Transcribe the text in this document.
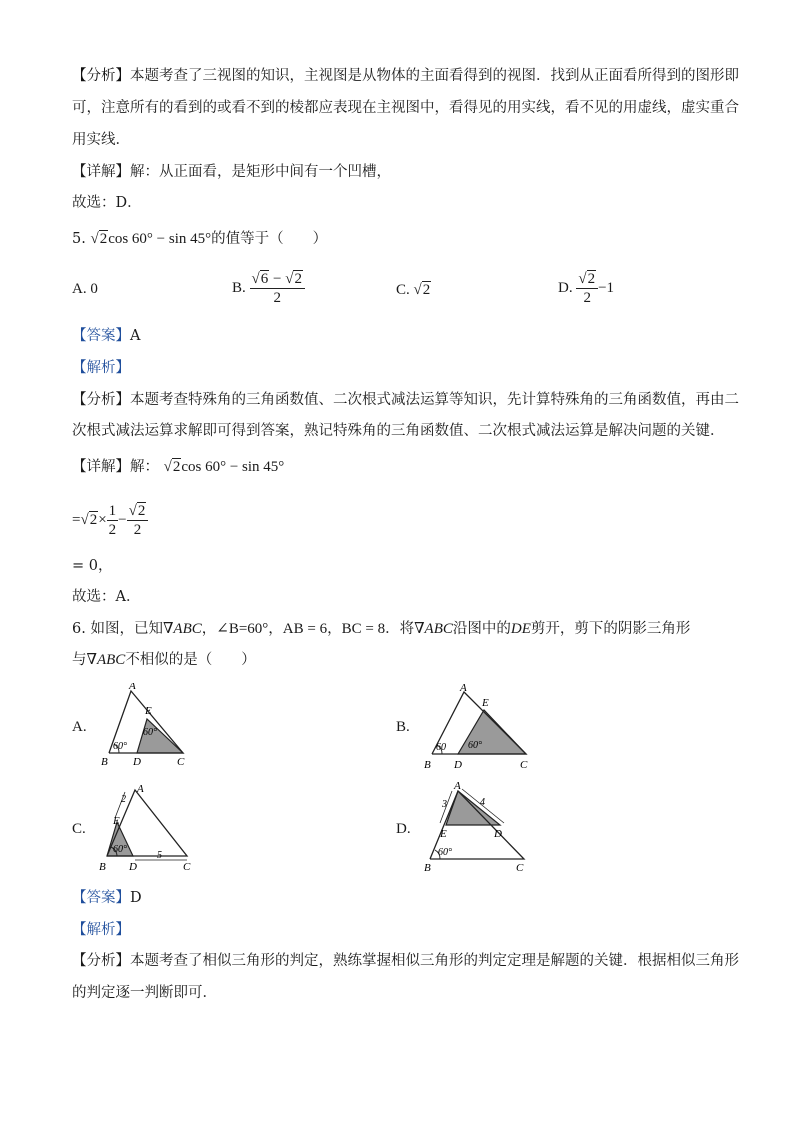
【分析】本题考查了三视图的知识，主视图是从物体的主面看得到的视图．找到从正面看所得到的图形即
可，注意所有的看到的或看不到的棱都应表现在主视图中，看得见的用实线，看不见的用虚线，虚实重合
用实线．
【详解】解：从正面看，是矩形中间有一个凹槽，
故选：D．
5. √2cos 60° − sin 45°的值等于（　　）
A. 0	B. $\frac{√6 - √2}{2}$	C. √2	D. $\frac{√2}{2} -1$
【答案】A
【解析】
【分析】本题考查特殊角的三角函数值、二次根式减法运算等知识，先计算特殊角的三角函数值，再由二
次根式减法运算求解即可得到答案，熟记特殊角的三角函数值、二次根式减法运算是解决问题的关键．
【详解】解： √2cos 60° − sin 45°
$=√2\times \frac{1}{2} - \frac{√2}{2}$
= 0，
故选：A．
6. 如图，已知∇ABC，∠B=60°，AB = 6，BC = 8．将∇ABC沿图中的DE剪开，剪下的阴影三角形
与∇ABC不相似的是（　　）
A.
A
B	C
D
E
60°
60°	B.
A
B	C
D
E
60 60°
C.
A
B	C
D
E
2
5
60°
D.
A
B	C
D
E
3	4
60°
【答案】D
【解析】
【分析】本题考查了相似三角形的判定，熟练掌握相似三角形的判定定理是解题的关键．根据相似三角形
的判定逐一判断即可．
